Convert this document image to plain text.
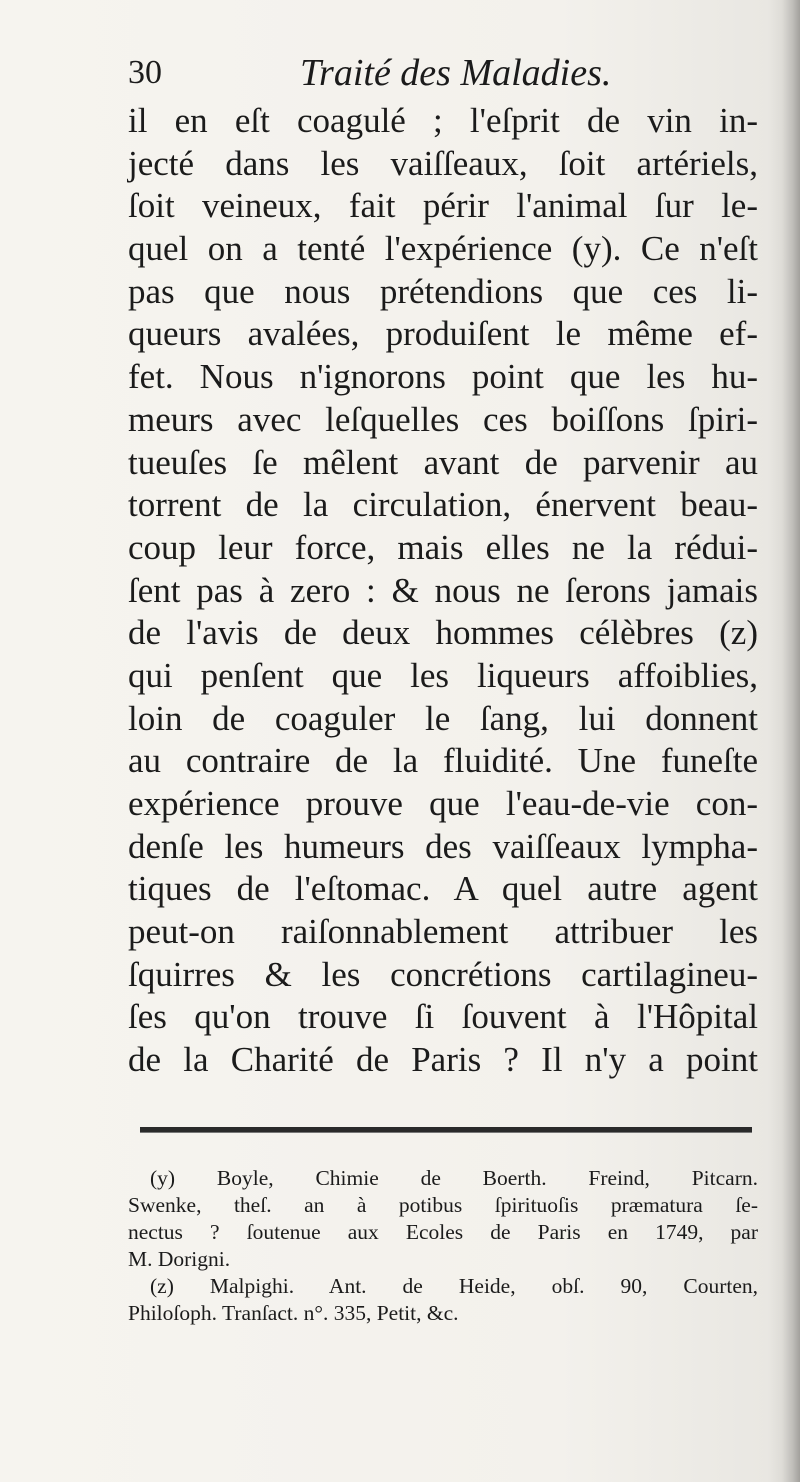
30	Traité des Maladies.
il en eſt coagulé ; l'eſprit de vin in-
jecté dans les vaiſſeaux, ſoit artériels,
ſoit veineux, fait périr l'animal ſur le-
quel on a tenté l'expérience (y). Ce n'eſt
pas que nous prétendions que ces li-
queurs avalées, produiſent le même ef-
fet. Nous n'ignorons point que les hu-
meurs avec leſquelles ces boiſſons ſpiri-
tueuſes ſe mêlent avant de parvenir au
torrent de la circulation, énervent beau-
coup leur force, mais elles ne la rédui-
ſent pas à zero : & nous ne ſerons jamais
de l'avis de deux hommes célèbres (z)
qui penſent que les liqueurs affoiblies,
loin de coaguler le ſang, lui donnent
au contraire de la fluidité. Une funeſte
expérience prouve que l'eau-de-vie con-
denſe les humeurs des vaiſſeaux lympha-
tiques de l'eſtomac. A quel autre agent
peut-on raiſonnablement attribuer les
ſquirres & les concrétions cartilagineu-
ſes qu'on trouve ſi ſouvent à l'Hôpital
de la Charité de Paris ? Il n'y a point
(y) Boyle, Chimie de Boerth. Freind, Pitcarn.
Swenke, theſ. an à potibus ſpirituoſis præmatura ſe-
nectus ? ſoutenue aux Ecoles de Paris en 1749, par
M. Dorigni.
(z) Malpighi. Ant. de Heide, obſ. 90, Courten,
Philoſoph. Tranſact. n°. 335, Petit, &c.
